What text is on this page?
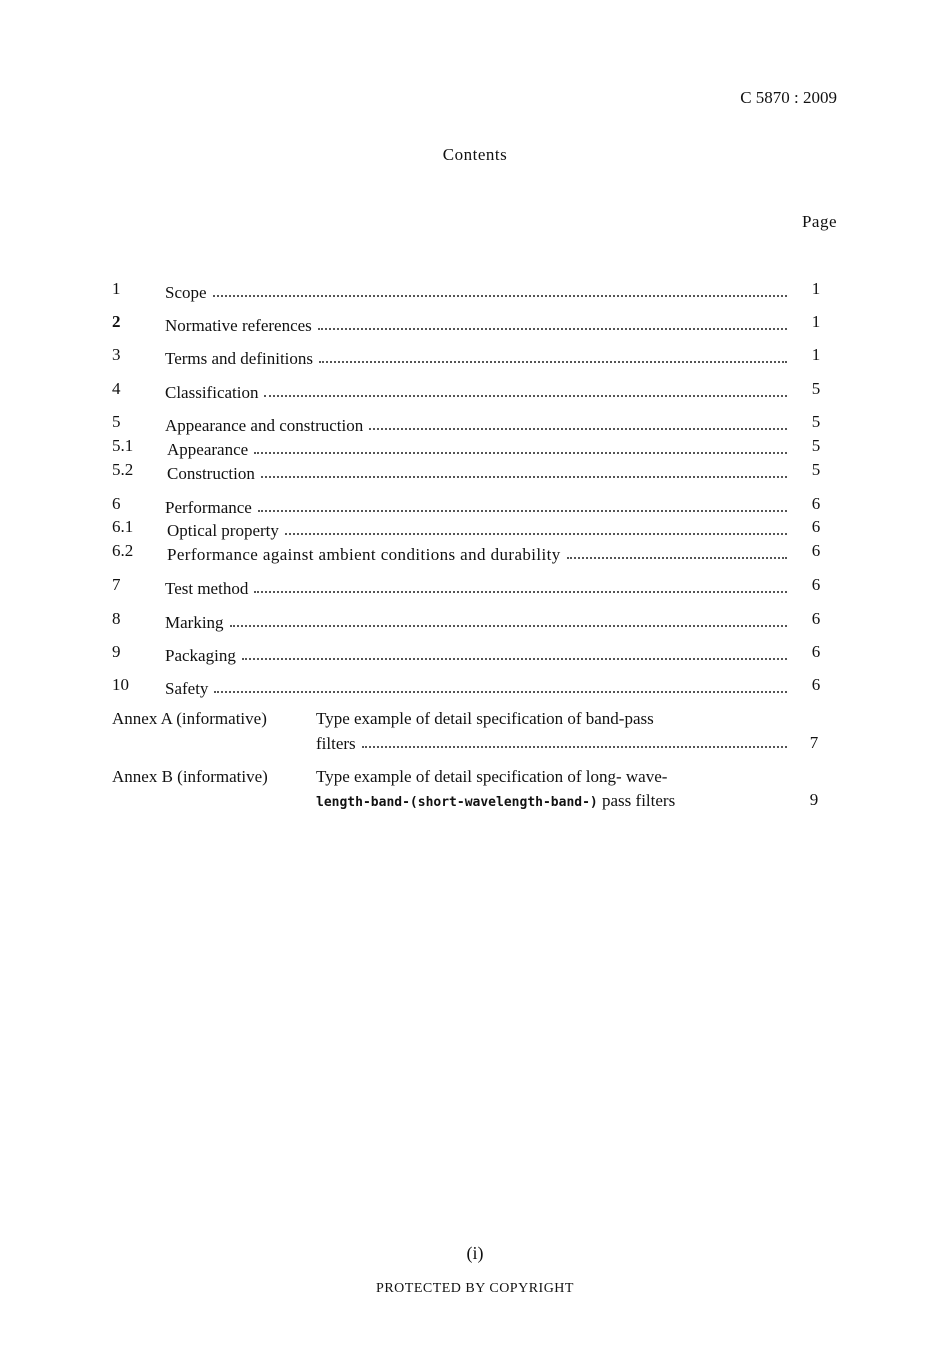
C 5870 : 2009
Contents
Page
1	Scope	1
2	Normative references	1
3	Terms and definitions	1
4	Classification	5
5	Appearance and construction	5
5.1 Appearance	5
5.2 Construction	5
6	Performance	6
6.1 Optical property	6
6.2 Performance against ambient conditions and durability	6
7	Test method	6
8	Marking	6
9	Packaging	6
10 Safety	6
Annex A (informative)	Type example of detail specification of band-pass
filters	7
Annex B (informative)	Type example of detail specification of long- wave-
length-band-(short-wavelength-band-) pass filters	9
(i)
PROTECTED BY COPYRIGHT
